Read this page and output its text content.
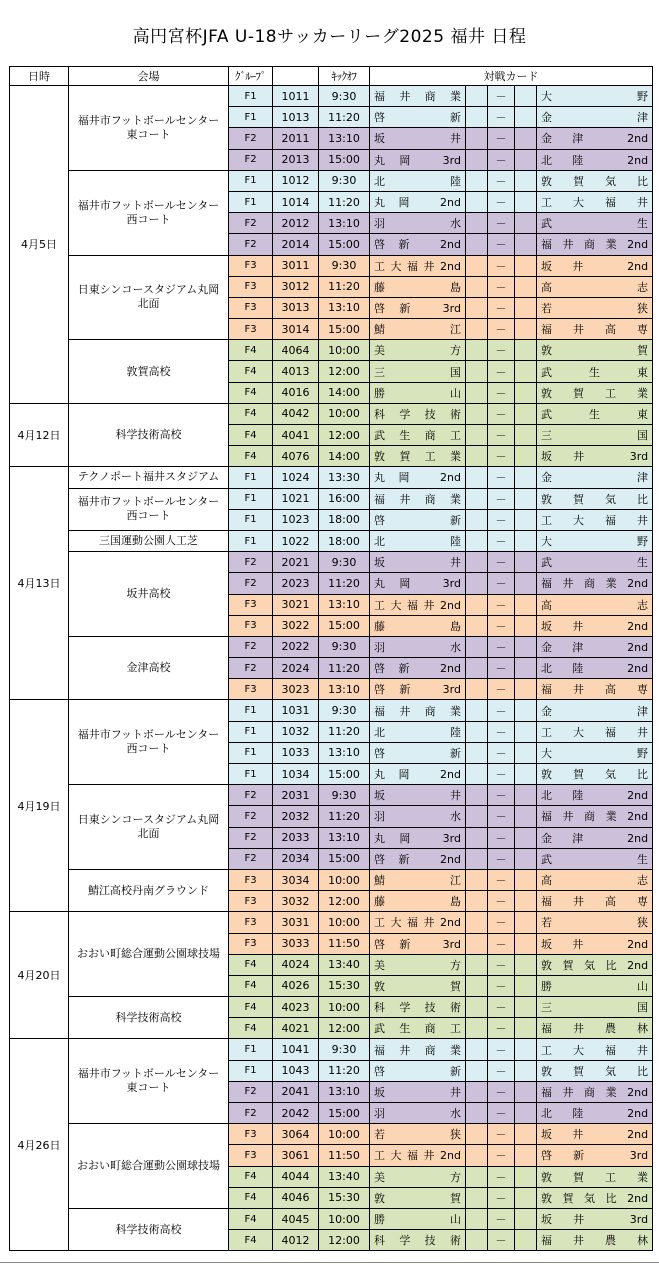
高円宮杯JFA U-18サッカーリーグ2025 福井 日程
日時	会場	ｸﾞﾙｰﾌﾟ		ｷｯｸｵﾌ	対戦カード				
4月5日	福井市フットボールセンター 東コート	F1	1011	9:30	福井商業		－		大野

		F1	1013	11:20	啓新		－		金津

		F2	2011	13:10	坂井		－		金津 2nd

		F2	2013	15:00	丸岡 3rd		－		北陸 2nd

	福井市フットボールセンター 西コート	F1	1012	9:30	北陸		－		敦賀気比

		F1	1014	11:20	丸岡 2nd		－		工大福井

		F2	2012	13:10	羽水		－		武生

		F2	2014	15:00	啓新 2nd		－		福井商業2nd

	日東シンコースタジアム丸岡 北面	F3	3011	9:30	工大福井2nd		－		坂井 2nd

		F3	3012	11:20	藤島		－		高志

		F3	3013	13:10	啓新 3rd		－		若狭

		F3	3014	15:00	鯖江		－		福井高専

	敦賀高校	F4	4064	10:00	美方		－		敦賀

		F4	4013	12:00	三国		－		武生東

		F4	4016	14:00	勝山		－		敦賀工業

4月12日	科学技術高校	F4	4042	10:00	科学技術		－		武生東

		F4	4041	12:00	武生商工		－		三国

		F4	4076	14:00	敦賀工業		－		坂井 3rd

4月13日	テクノポート福井スタジアム	F1	1024	13:30	丸岡 2nd		－		金津

	福井市フットボールセンター 西コート	F1	1021	16:00	福井商業		－		敦賀気比

		F1	1023	18:00	啓新		－		工大福井

	三国運動公園人工芝	F1	1022	18:00	北陸		－		大野

	坂井高校	F2	2021	9:30	坂井		－		武生

		F2	2023	11:20	丸岡 3rd		－		福井商業2nd

		F3	3021	13:10	工大福井2nd		－		高志

		F3	3022	15:00	藤島		－		坂井 2nd

	金津高校	F2	2022	9:30	羽水		－		金津 2nd

		F2	2024	11:20	啓新 2nd		－		北陸 2nd

		F3	3023	13:10	啓新 3rd		－		福井高専

4月19日	福井市フットボールセンター 西コート	F1	1031	9:30	福井商業		－		金津

		F1	1032	11:20	北陸		－		工大福井

		F1	1033	13:10	啓新		－		大野

		F1	1034	15:00	丸岡 2nd		－		敦賀気比

	日東シンコースタジアム丸岡 北面	F2	2031	9:30	坂井		－		北陸 2nd

		F2	2032	11:20	羽水		－		福井商業2nd

		F2	2033	13:10	丸岡 3rd		－		金津 2nd

		F2	2034	15:00	啓新 2nd		－		武生

	鯖江高校丹南グラウンド	F3	3034	10:00	鯖江		－		高志

		F3	3032	12:00	藤島		－		福井高専

4月20日	おおい町総合運動公園球技場	F3	3031	10:00	工大福井2nd		－		若狭

		F3	3033	11:50	啓新 3rd		－		坂井 2nd

		F4	4024	13:40	美方		－		敦賀気比2nd

		F4	4026	15:30	敦賀		－		勝山

	科学技術高校	F4	4023	10:00	科学技術		－		三国

		F4	4021	12:00	武生商工		－		福井農林

4月26日	福井市フットボールセンター 東コート	F1	1041	9:30	福井商業		－		工大福井

		F1	1043	11:20	啓新		－		敦賀気比

		F2	2041	13:10	坂井		－		福井商業2nd

		F2	2042	15:00	羽水		－		北陸 2nd

	おおい町総合運動公園球技場	F3	3064	10:00	若狭		－		坂井 2nd

		F3	3061	11:50	工大福井2nd		－		啓新 3rd

		F4	4044	13:40	美方		－		敦賀工業

		F4	4046	15:30	敦賀		－		敦賀気比2nd

	科学技術高校	F4	4045	10:00	勝山		－		坂井 3rd

		F4	4012	12:00	科学技術		－		福井農林
